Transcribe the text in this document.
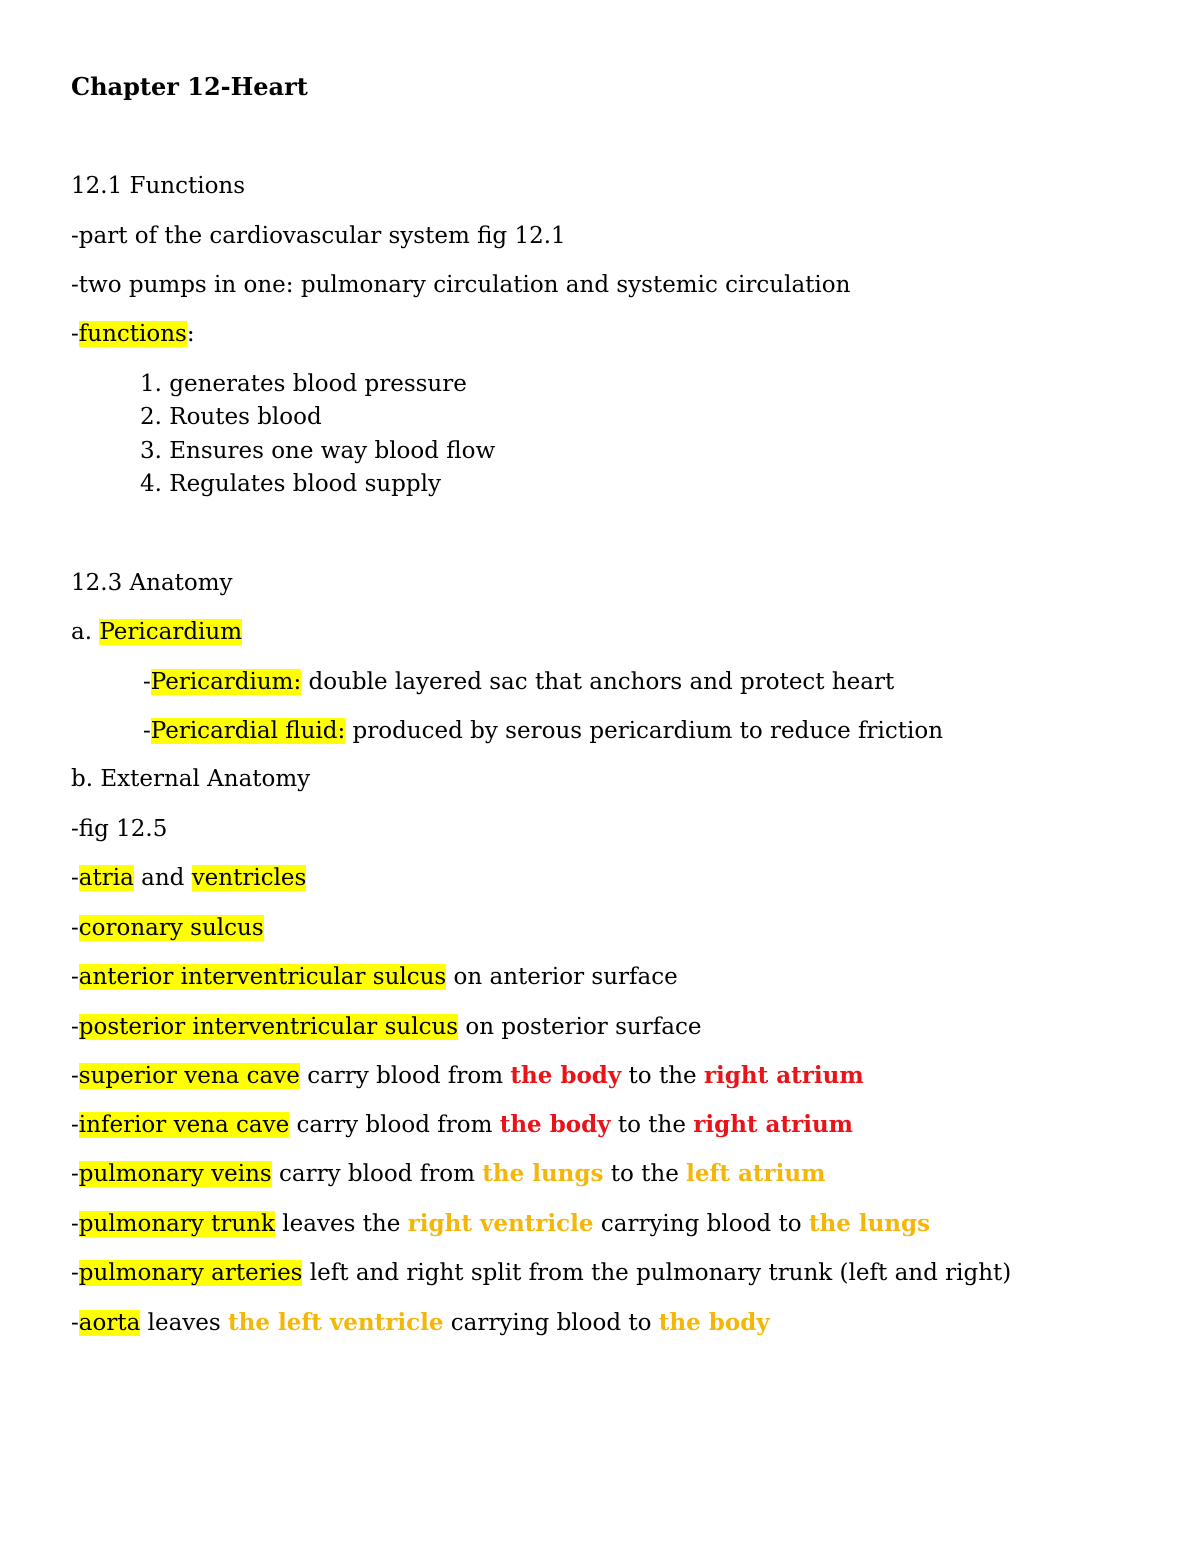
Chapter 12-Heart
12.1 Functions
-part of the cardiovascular system fig 12.1
-two pumps in one: pulmonary circulation and systemic circulation
-functions:
1. generates blood pressure
2. Routes blood
3. Ensures one way blood flow
4. Regulates blood supply
12.3 Anatomy
a. Pericardium
-Pericardium: double layered sac that anchors and protect heart
-Pericardial fluid: produced by serous pericardium to reduce friction
b. External Anatomy
-fig 12.5
-atria and ventricles
-coronary sulcus
-anterior interventricular sulcus on anterior surface
-posterior interventricular sulcus on posterior surface
-superior vena cave carry blood from the body to the right atrium
-inferior vena cave carry blood from the body to the right atrium
-pulmonary veins carry blood from the lungs to the left atrium
-pulmonary trunk leaves the right ventricle carrying blood to the lungs
-pulmonary arteries left and right split from the pulmonary trunk (left and right)
-aorta leaves the left ventricle carrying blood to the body
